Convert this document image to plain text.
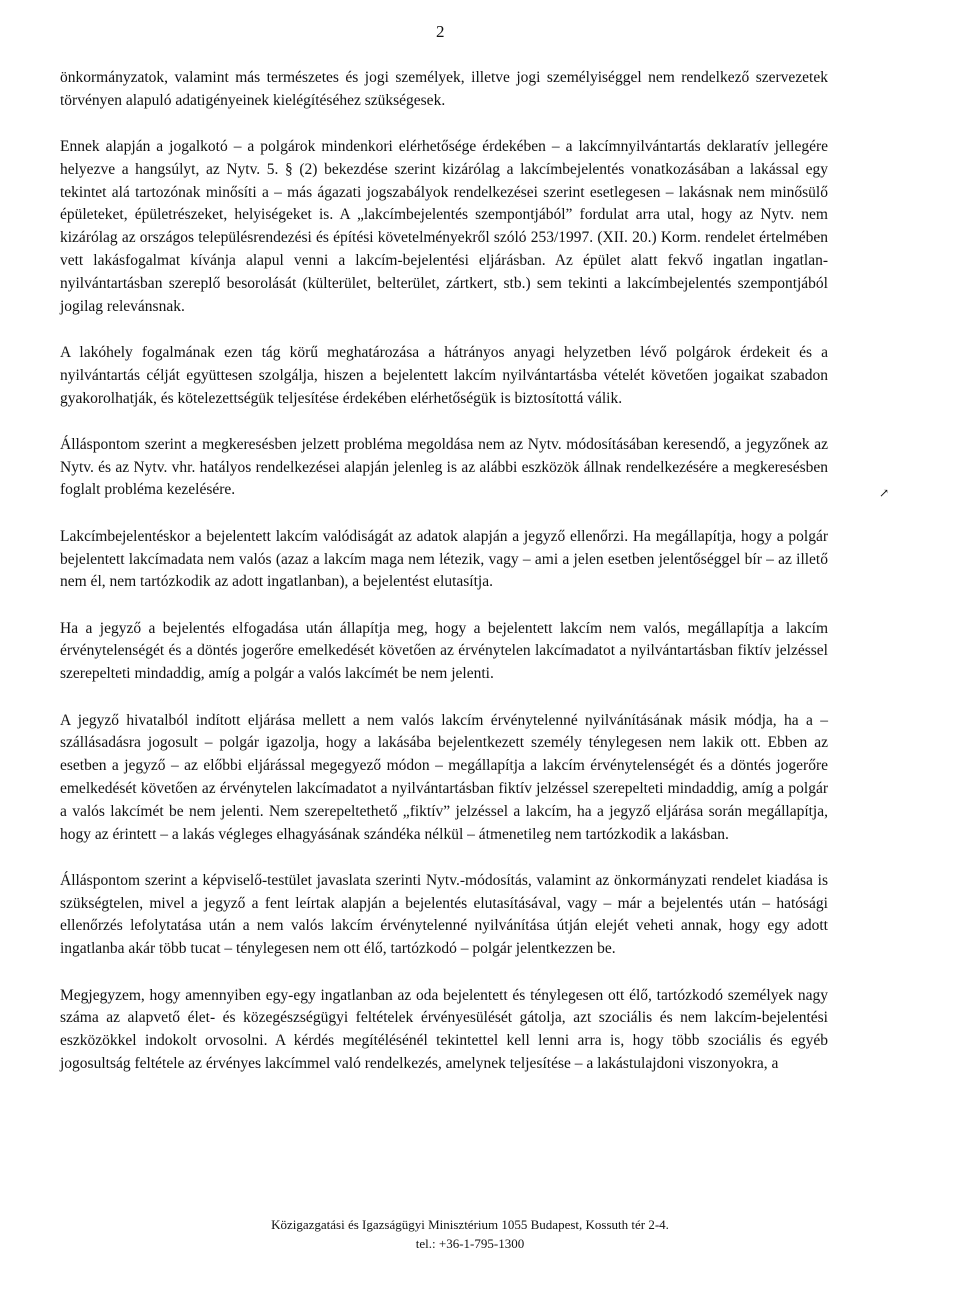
2

önkormányzatok, valamint más természetes és jogi személyek, illetve jogi személyiséggel nem rendelkező szervezetek törvényen alapuló adatigényeinek kielégítéséhez szükségesek.

Ennek alapján a jogalkotó – a polgárok mindenkori elérhetősége érdekében – a lakcímnyilvántartás deklaratív jellegére helyezve a hangsúlyt, az Nytv. 5. § (2) bekezdése szerint kizárólag a lakcímbejelentés vonatkozásában a lakással egy tekintet alá tartozónak minősíti a – más ágazati jogszabályok rendelkezései szerint esetlegesen – lakásnak nem minősülő épületeket, épületrészeket, helyiségeket is. A „lakcímbejelentés szempontjából” fordulat arra utal, hogy az Nytv. nem kizárólag az országos településrendezési és építési követelményekről szóló 253/1997. (XII. 20.) Korm. rendelet értelmében vett lakásfogalmat kívánja alapul venni a lakcím-bejelentési eljárásban. Az épület alatt fekvő ingatlan ingatlan-nyilvántartásban szereplő besorolását (külterület, belterület, zártkert, stb.) sem tekinti a lakcímbejelentés szempontjából jogilag relevánsnak.

A lakóhely fogalmának ezen tág körű meghatározása a hátrányos anyagi helyzetben lévő polgárok érdekeit és a nyilvántartás célját együttesen szolgálja, hiszen a bejelentett lakcím nyilvántartásba vételét követően jogaikat szabadon gyakorolhatják, és kötelezettségük teljesítése érdekében elérhetőségük is biztosítottá válik.

Álláspontom szerint a megkeresésben jelzett probléma megoldása nem az Nytv. módosításában keresendő, a jegyzőnek az Nytv. és az Nytv. vhr. hatályos rendelkezései alapján jelenleg is az alábbi eszközök állnak rendelkezésére a megkeresésben foglalt probléma kezelésére.

Lakcímbejelentéskor a bejelentett lakcím valódiságát az adatok alapján a jegyző ellenőrzi. Ha megállapítja, hogy a polgár bejelentett lakcímadata nem valós (azaz a lakcím maga nem létezik, vagy – ami a jelen esetben jelentőséggel bír – az illető nem él, nem tartózkodik az adott ingatlanban), a bejelentést elutasítja.

Ha a jegyző a bejelentés elfogadása után állapítja meg, hogy a bejelentett lakcím nem valós, megállapítja a lakcím érvénytelenségét és a döntés jogerőre emelkedését követően az érvénytelen lakcímadatot a nyilvántartásban fiktív jelzéssel szerepelteti mindaddig, amíg a polgár a valós lakcímét be nem jelenti.

A jegyző hivatalból indított eljárása mellett a nem valós lakcím érvénytelenné nyilvánításának másik módja, ha a – szállásadásra jogosult – polgár igazolja, hogy a lakásába bejelentkezett személy ténylegesen nem lakik ott. Ebben az esetben a jegyző – az előbbi eljárással megegyező módon – megállapítja a lakcím érvénytelenségét és a döntés jogerőre emelkedését követően az érvénytelen lakcímadatot a nyilvántartásban fiktív jelzéssel szerepelteti mindaddig, amíg a polgár a valós lakcímét be nem jelenti. Nem szerepeltethető „fiktív” jelzéssel a lakcím, ha a jegyző eljárása során megállapítja, hogy az érintett – a lakás végleges elhagyásának szándéka nélkül – átmenetileg nem tartózkodik a lakásban.

Álláspontom szerint a képviselő-testület javaslata szerinti Nytv.-módosítás, valamint az önkormányzati rendelet kiadása is szükségtelen, mivel a jegyző a fent leírtak alapján a bejelentés elutasításával, vagy – már a bejelentés után – hatósági ellenőrzés lefolytatása után a nem valós lakcím érvénytelenné nyilvánítása útján elejét veheti annak, hogy egy adott ingatlanba akár több tucat – ténylegesen nem ott élő, tartózkodó – polgár jelentkezzen be.

Megjegyzem, hogy amennyiben egy-egy ingatlanban az oda bejelentett és ténylegesen ott élő, tartózkodó személyek nagy száma az alapvető élet- és közegészségügyi feltételek érvényesülését gátolja, azt szociális és nem lakcím-bejelentési eszközökkel indokolt orvosolni. A kérdés megítélésénél tekintettel kell lenni arra is, hogy több szociális és egyéb jogosultság feltétele az érvényes lakcímmel való rendelkezés, amelynek teljesítése – a lakástulajdoni viszonyokra, a

↗
Közigazgatási és Igazságügyi Minisztérium 1055 Budapest, Kossuth tér 2-4.
tel.: +36-1-795-1300
